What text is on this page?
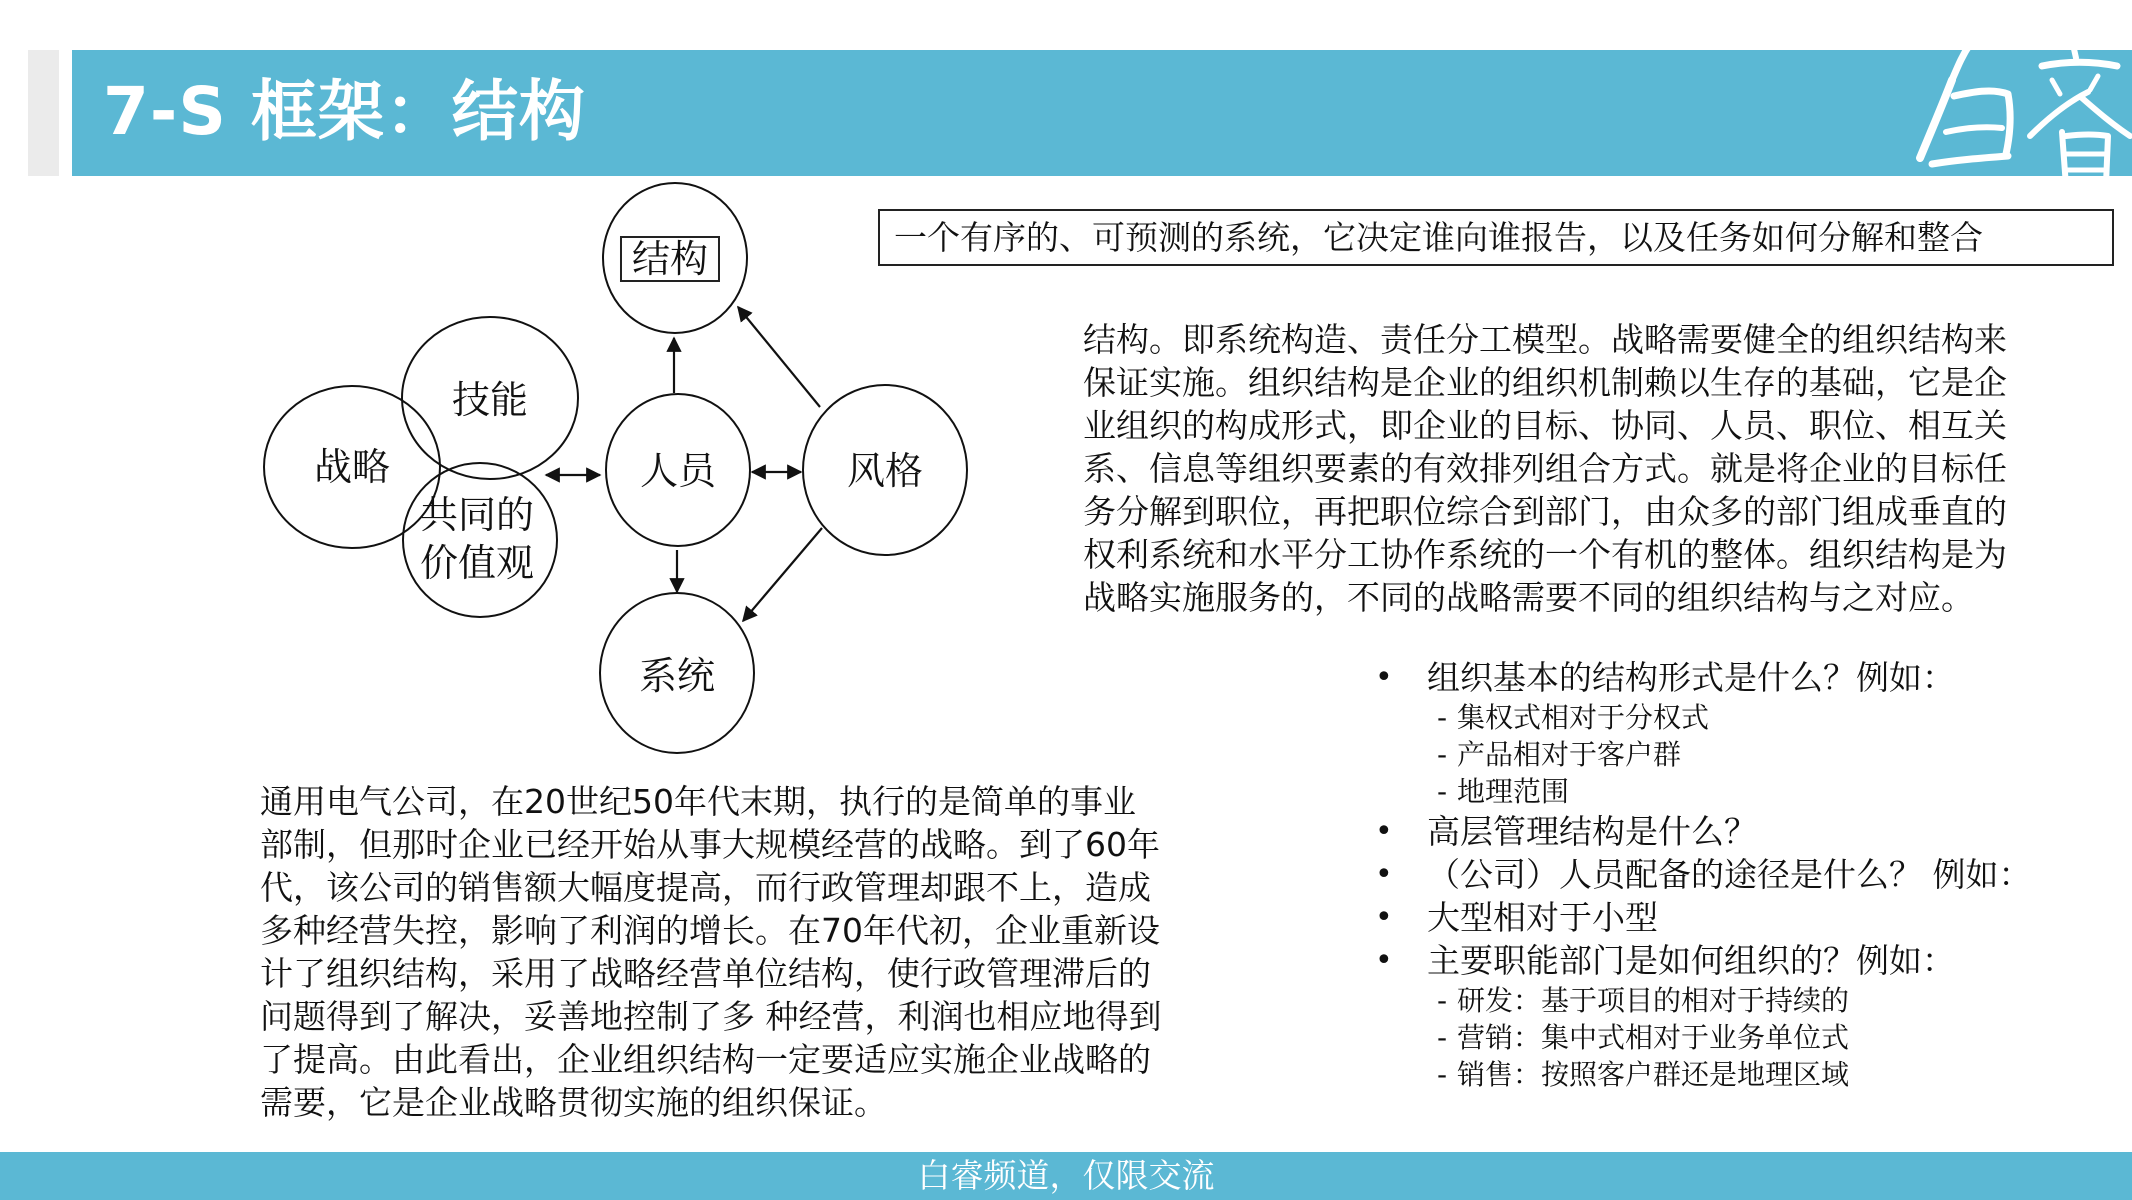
7-S 框架：结构
结构
技能
战略
共同的
价值观
人员	风格
系统
一个有序的、可预测的系统，它决定谁向谁报告，以及任务如何分解和整合
结构。即系统构造、责任分工模型。战略需要健全的组织结构来
保证实施。组织结构是企业的组织机制赖以生存的基础，它是企
业组织的构成形式，即企业的目标、协同、人员、职位、相互关
系、信息等组织要素的有效排列组合方式。就是将企业的目标任
务分解到职位，再把职位综合到部门，由众多的部门组成垂直的
权利系统和水平分工协作系统的一个有机的整体。组织结构是为
战略实施服务的，不同的战略需要不同的组织结构与之对应。
• 组织基本的结构形式是什么？例如：
- 集权式相对于分权式
- 产品相对于客户群
- 地理范围
• 高层管理结构是什么？
• （公司）人员配备的途径是什么？ 例如：
• 大型相对于小型
• 主要职能部门是如何组织的？例如：
- 研发：基于项目的相对于持续的
- 营销：集中式相对于业务单位式
- 销售：按照客户群还是地理区域
通用电气公司，在20世纪50年代末期，执行的是简单的事业
部制，但那时企业已经开始从事大规模经营的战略。到了60年
代，该公司的销售额大幅度提高，而行政管理却跟不上，造成
多种经营失控，影响了利润的增长。在70年代初，企业重新设
计了组织结构，采用了战略经营单位结构，使行政管理滞后的
问题得到了解决，妥善地控制了多 种经营，利润也相应地得到
了提高。由此看出，企业组织结构一定要适应实施企业战略的
需要，它是企业战略贯彻实施的组织保证。
白睿频道，仅限交流
